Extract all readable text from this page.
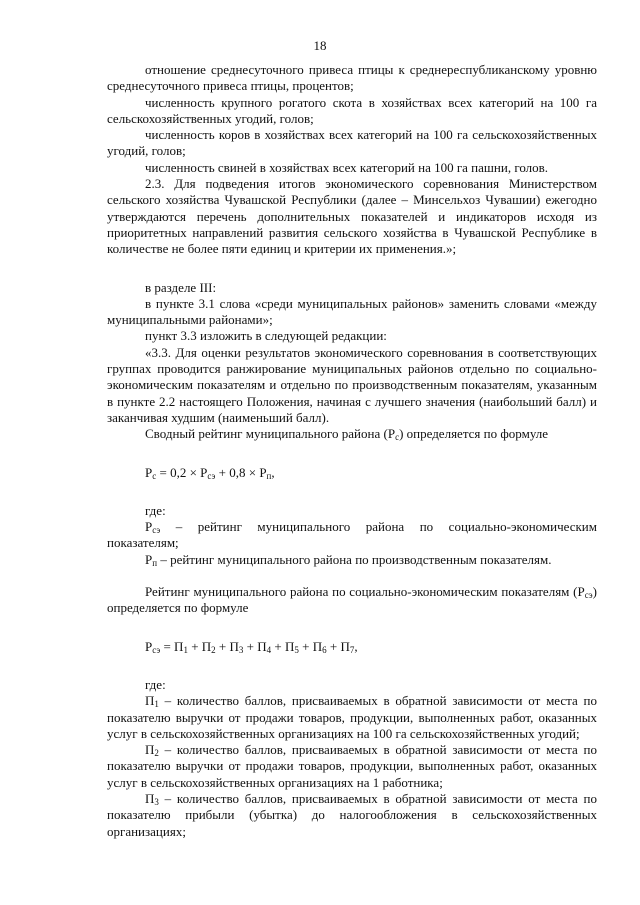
18

отношение среднесуточного привеса птицы к среднереспубликанскому уровню среднесуточного привеса птицы, процентов;

численность крупного рогатого скота в хозяйствах всех категорий на 100 га сельскохозяйственных угодий, голов;

численность коров в хозяйствах всех категорий на 100 га сельскохозяйственных угодий, голов;

численность свиней в хозяйствах всех категорий на 100 га пашни, голов.

2.3. Для подведения итогов экономического соревнования Министерством сельского хозяйства Чувашской Республики (далее – Минсельхоз Чувашии) ежегодно утверждаются перечень дополнительных показателей и индикаторов исходя из приоритетных направлений развития сельского хозяйства в Чувашской Республике в количестве не более пяти единиц и критерии их применения.»;

в разделе III:

в пункте 3.1 слова «среди муниципальных районов» заменить словами «между муниципальными районами»;

пункт 3.3 изложить в следующей редакции:

«3.3. Для оценки результатов экономического соревнования в соответствующих группах проводится ранжирование муниципальных районов отдельно по социально-экономическим показателям и отдельно по производственным показателям, указанным в пункте 2.2 настоящего Положения, начиная с лучшего значения (наибольший балл) и заканчивая худшим (наименьший балл).

Сводный рейтинг муниципального района $(Р_с)$ определяется по формуле

$Р_с = 0,2 \times Р_{сэ} + 0,8 \times Р_п$,

где:

$Р_{сэ}$ – рейтинг муниципального района по социально-экономическим показателям;

$Р_п$ – рейтинг муниципального района по производственным показателям.

Рейтинг муниципального района по социально-экономическим показателям $(Р_{сэ})$ определяется по формуле

$Р_{сэ} = П_1 + П_2 + П_3 + П_4 + П_5 + П_6 + П_7$,

где:

$П_1$ – количество баллов, присваиваемых в обратной зависимости от места по показателю выручки от продажи товаров, продукции, выполненных работ, оказанных услуг в сельскохозяйственных организациях на 100 га сельскохозяйственных угодий;

$П_2$ – количество баллов, присваиваемых в обратной зависимости от места по показателю выручки от продажи товаров, продукции, выполненных работ, оказанных услуг в сельскохозяйственных организациях на 1 работника;

$П_3$ – количество баллов, присваиваемых в обратной зависимости от места по показателю прибыли (убытка) до налогообложения в сельскохозяйственных организациях;
